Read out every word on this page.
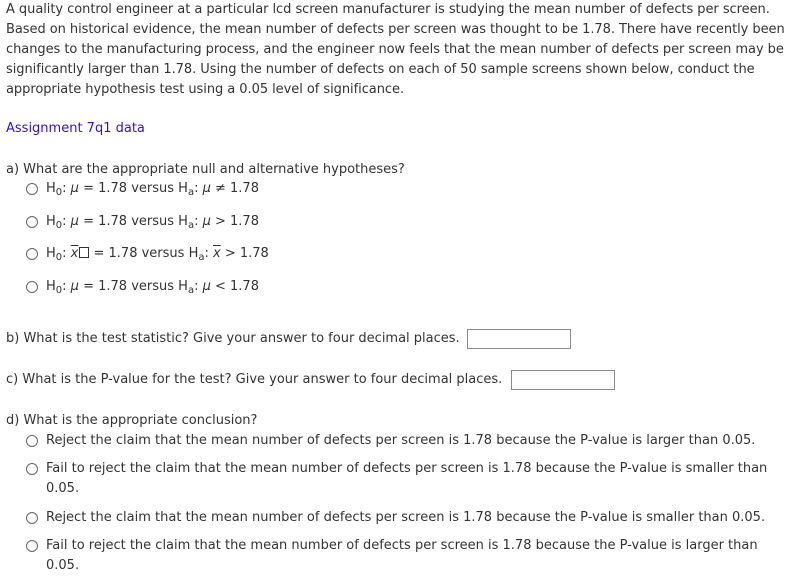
A quality control engineer at a particular lcd screen manufacturer is studying the mean number of defects per screen.
Based on historical evidence, the mean number of defects per screen was thought to be 1.78. There have recently been
changes to the manufacturing process, and the engineer now feels that the mean number of defects per screen may be
significantly larger than 1.78. Using the number of defects on each of 50 sample screens shown below, conduct the
appropriate hypothesis test using a 0.05 level of significance.
Assignment 7q1 data
a) What are the appropriate null and alternative hypotheses?
$H_0$: μ = 1.78 versus $H_a$: μ ≠ 1.78
$H_0$: μ = 1.78 versus $H_a$: μ > 1.78
$H_0$: $\overline{x} = 1.78$ versus $H_a$: $\overline{x} > 1.78$
$H_0$: μ = 1.78 versus $H_a$: μ < 1.78
b) What is the test statistic? Give your answer to four decimal places.
c) What is the P-value for the test? Give your answer to four decimal places.
d) What is the appropriate conclusion?
Reject the claim that the mean number of defects per screen is 1.78 because the P-value is larger than 0.05.
Fail to reject the claim that the mean number of defects per screen is 1.78 because the P-value is smaller than 0.05.
Reject the claim that the mean number of defects per screen is 1.78 because the P-value is smaller than 0.05.
Fail to reject the claim that the mean number of defects per screen is 1.78 because the P-value is larger than 0.05.
